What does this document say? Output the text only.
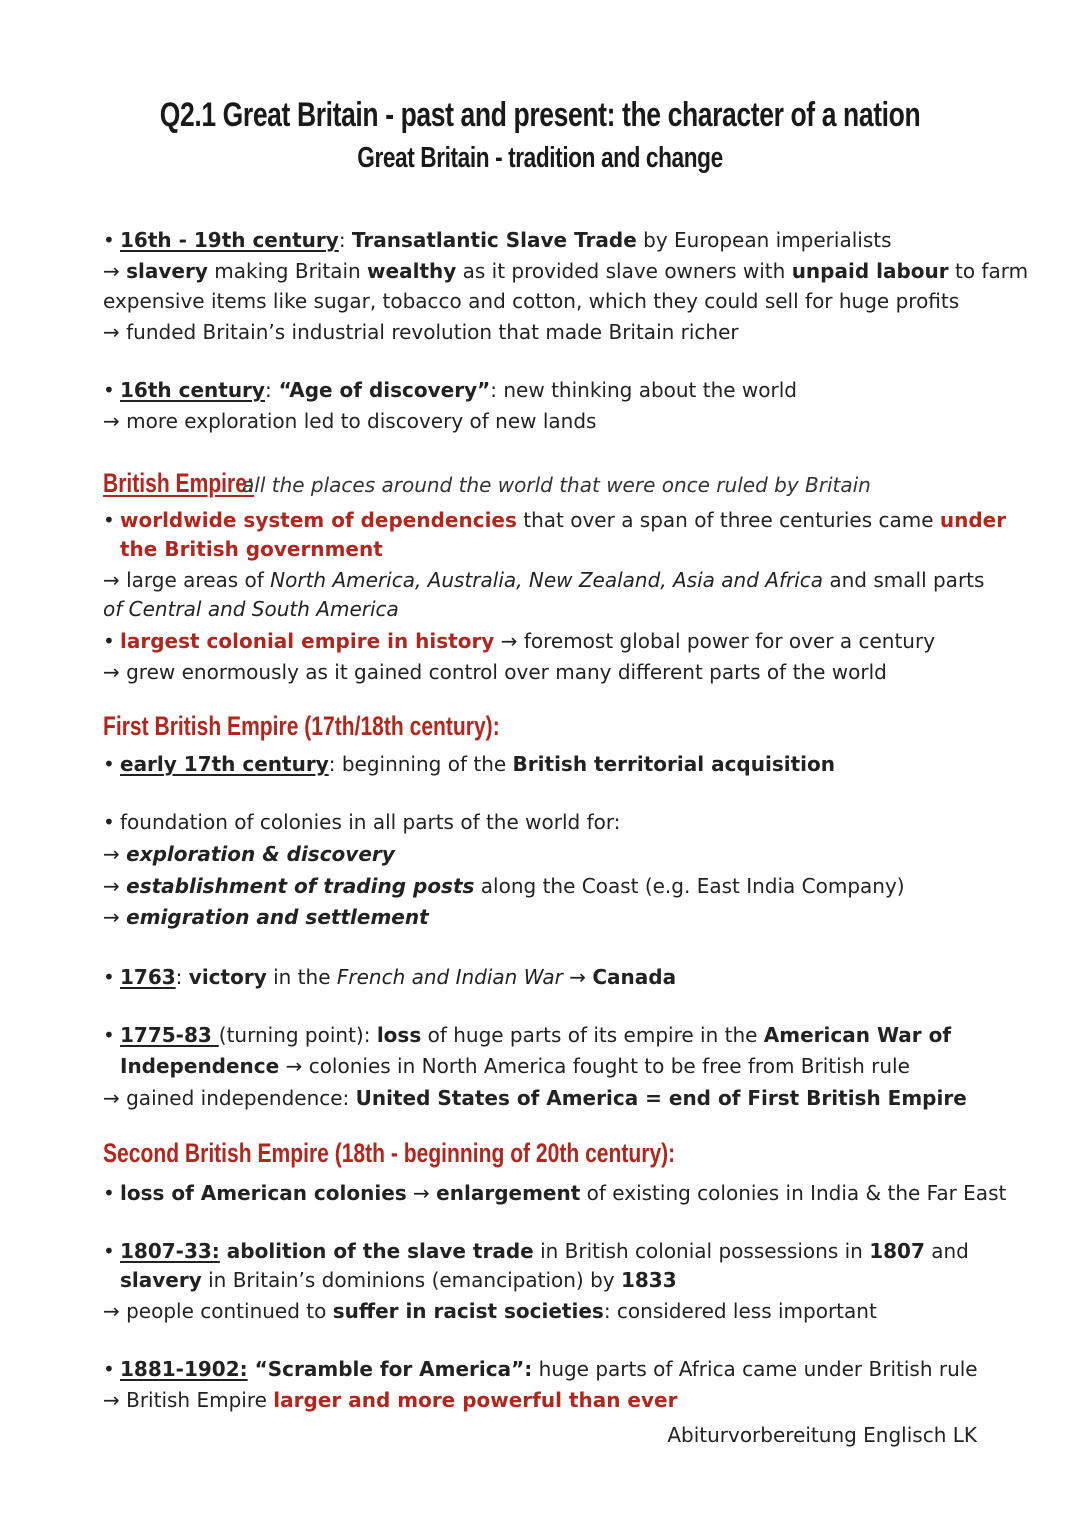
Q2.1 Great Britain - past and present: the character of a nation
Great Britain - tradition and change
• 16th - 19th century: Transatlantic Slave Trade by European imperialists
→ slavery making Britain wealthy as it provided slave owners with unpaid labour to farm
expensive items like sugar, tobacco and cotton, which they could sell for huge profits
→ funded Britain’s industrial revolution that made Britain richer
• 16th century: “Age of discovery”: new thinking about the world
→ more exploration led to discovery of new lands
British Empire:
all the places around the world that were once ruled by Britain
• worldwide system of dependencies that over a span of three centuries came under
the British government
→ large areas of North America, Australia, New Zealand, Asia and Africa and small parts
of Central and South America
• largest colonial empire in history → foremost global power for over a century
→ grew enormously as it gained control over many different parts of the world
First British Empire (17th/18th century):
• early 17th century: beginning of the British territorial acquisition
• foundation of colonies in all parts of the world for:
→ exploration & discovery
→ establishment of trading posts along the Coast (e.g. East India Company)
→ emigration and settlement
• 1763: victory in the French and Indian War → Canada
• 1775-83 (turning point): loss of huge parts of its empire in the American War of
Independence → colonies in North America fought to be free from British rule
→ gained independence: United States of America = end of First British Empire
Second British Empire (18th - beginning of 20th century):
• loss of American colonies → enlargement of existing colonies in India & the Far East
• 1807-33: abolition of the slave trade in British colonial possessions in 1807 and
slavery in Britain’s dominions (emancipation) by 1833
→ people continued to suffer in racist societies: considered less important
• 1881-1902: “Scramble for America”: huge parts of Africa came under British rule
→ British Empire larger and more powerful than ever
Abiturvorbereitung Englisch LK
